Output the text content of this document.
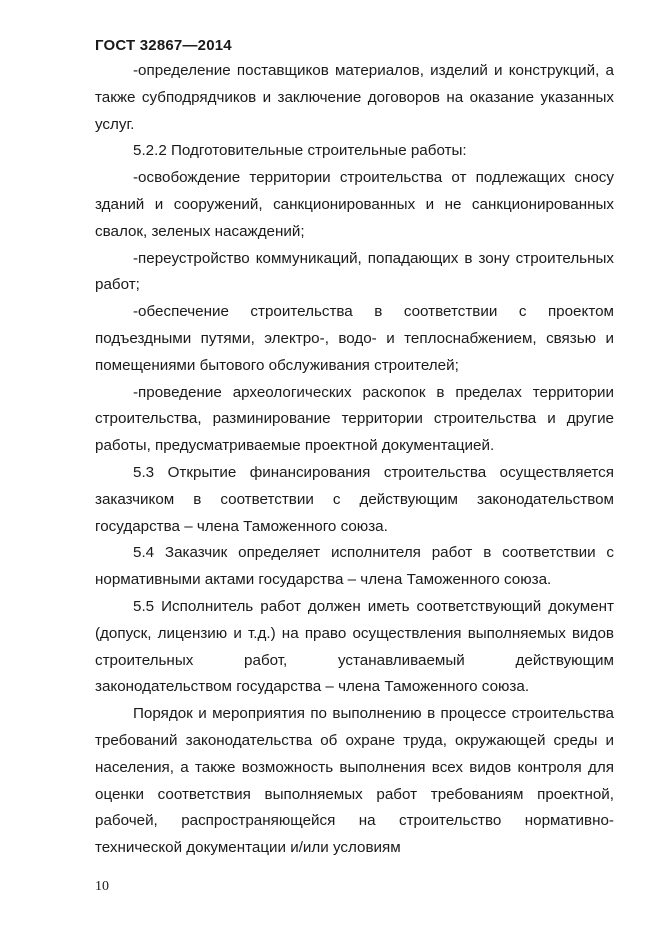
ГОСТ 32867—2014

-определение поставщиков материалов, изделий и конструкций, а также субподрядчиков и заключение договоров на оказание указанных услуг.

5.2.2 Подготовительные строительные работы:

-освобождение территории строительства от подлежащих сносу зданий и сооружений, санкционированных и не санкционированных свалок, зеленых насаждений;

-переустройство коммуникаций, попадающих в зону строительных работ;

-обеспечение строительства в соответствии с проектом подъездными путями, электро-, водо- и теплоснабжением, связью и помещениями бытового обслуживания строителей;

-проведение археологических раскопок в пределах территории строительства, разминирование территории строительства и другие работы, предусматриваемые проектной документацией.

5.3 Открытие финансирования строительства осуществляется заказчиком в соответствии с действующим законодательством государства – члена Таможенного союза.

5.4 Заказчик определяет исполнителя работ в соответствии с нормативными актами государства – члена Таможенного союза.

5.5 Исполнитель работ должен иметь соответствующий документ (допуск, лицензию и т.д.) на право осуществления выполняемых видов строительных работ, устанавливаемый действующим законодательством государства – члена Таможенного союза.

Порядок и мероприятия по выполнению в процессе строительства требований законодательства об охране труда, окружающей среды и населения, а также возможность выполнения всех видов контроля для оценки соответствия выполняемых работ требованиям проектной, рабочей, распространяющейся на строительство нормативно-технической документации и/или условиям

10
